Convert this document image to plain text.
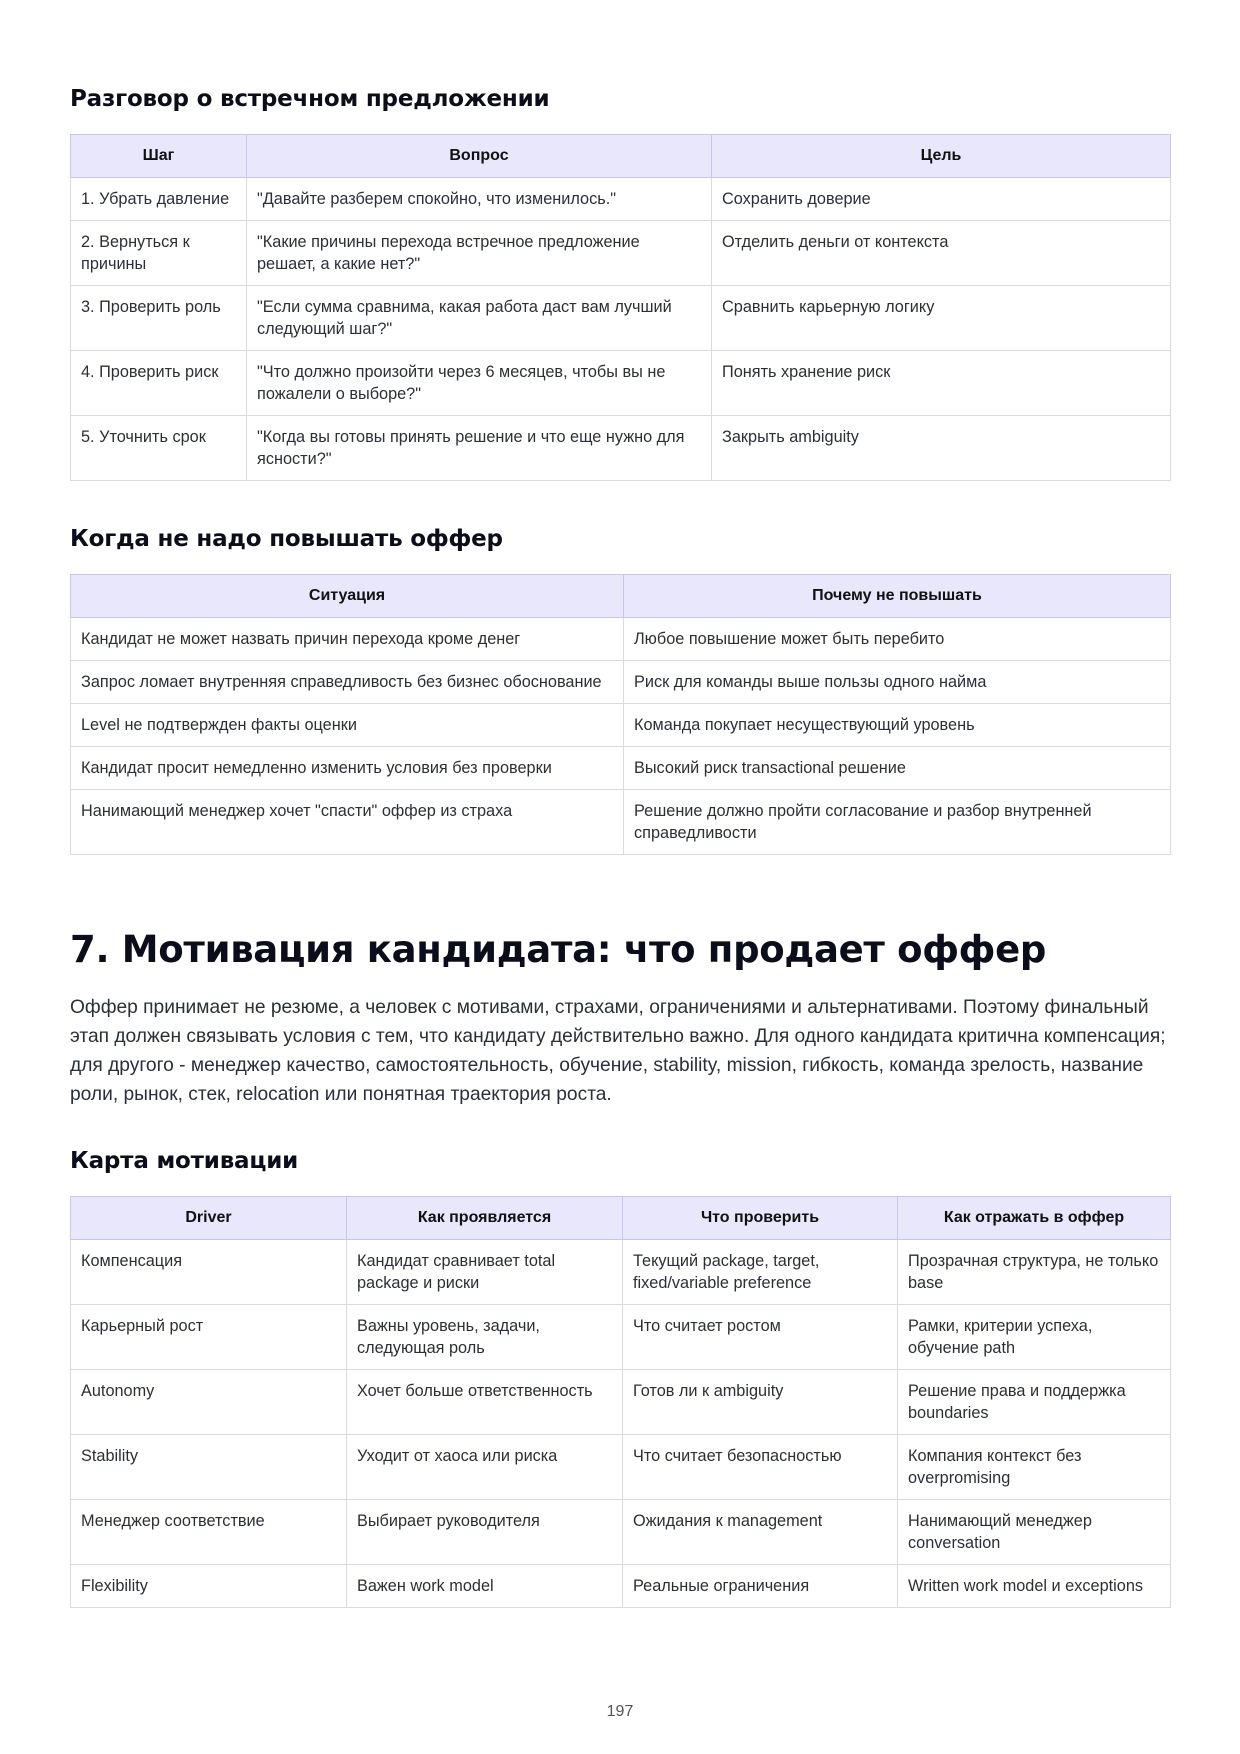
Разговор о встречном предложении
Шаг	Вопрос	Цель
1. Убрать давление	"Давайте разберем спокойно, что изменилось."	Сохранить доверие
2. Вернуться к причины	"Какие причины перехода встречное предложение решает, а какие нет?"	Отделить деньги от контекста
3. Проверить роль	"Если сумма сравнима, какая работа даст вам лучший следующий шаг?"	Сравнить карьерную логику
4. Проверить риск	"Что должно произойти через 6 месяцев, чтобы вы не пожалели о выборе?"	Понять хранение риск
5. Уточнить срок	"Когда вы готовы принять решение и что еще нужно для ясности?"	Закрыть ambiguity
Когда не надо повышать оффер
Ситуация	Почему не повышать
Кандидат не может назвать причин перехода кроме денег	Любое повышение может быть перебито
Запрос ломает внутренняя справедливость без бизнес обоснование	Риск для команды выше пользы одного найма
Level не подтвержден факты оценки	Команда покупает несуществующий уровень
Кандидат просит немедленно изменить условия без проверки	Высокий риск transactional решение
Нанимающий менеджер хочет "спасти" оффер из страха	Решение должно пройти согласование и разбор внутренней справедливости
7. Мотивация кандидата: что продает оффер

Оффер принимает не резюме, а человек с мотивами, страхами, ограничениями и альтернативами. Поэтому финальный этап должен связывать условия с тем, что кандидату действительно важно. Для одного кандидата критична компенсация; для другого - менеджер качество, самостоятельность, обучение, stability, mission, гибкость, команда зрелость, название роли, рынок, стек, relocation или понятная траектория роста.

Карта мотивации
Driver	Как проявляется	Что проверить	Как отражать в оффер
Компенсация	Кандидат сравнивает total package и риски	Текущий package, target, fixed/variable preference	Прозрачная структура, не только base
Карьерный рост	Важны уровень, задачи, следующая роль	Что считает ростом	Рамки, критерии успеха, обучение path
Autonomy	Хочет больше ответственность	Готов ли к ambiguity	Решение права и поддержка boundaries
Stability	Уходит от хаоса или риска	Что считает безопасностью	Компания контекст без overpromising
Менеджер соответствие	Выбирает руководителя	Ожидания к management	Нанимающий менеджер conversation
Flexibility	Важен work model	Реальные ограничения	Written work model и exceptions
197
